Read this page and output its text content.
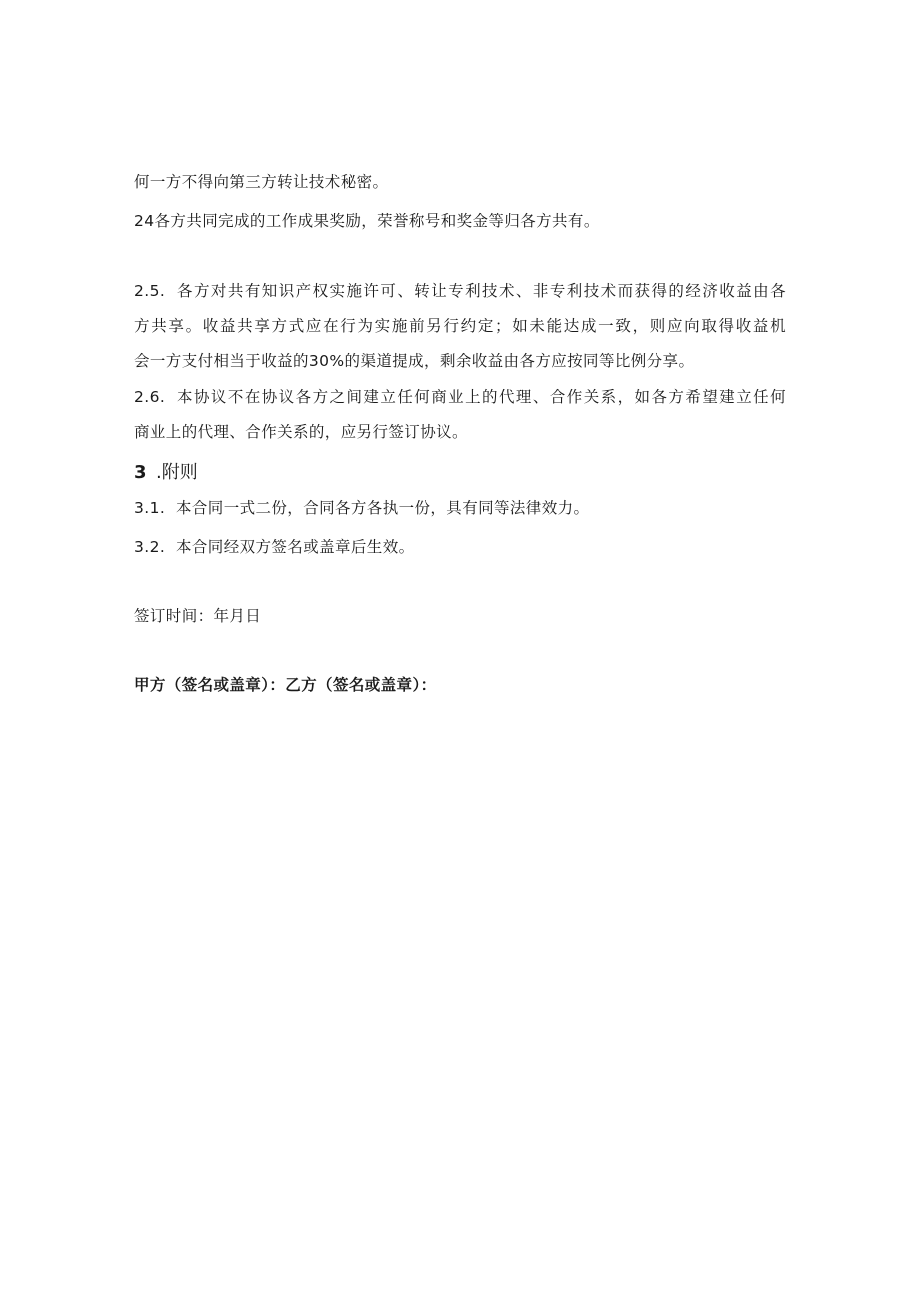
何一方不得向第三方转让技术秘密。
24各方共同完成的工作成果奖励，荣誉称号和奖金等归各方共有。
2.5. 各方对共有知识产权实施许可、转让专利技术、非专利技术而获得的经济收益由各
方共享。收益共享方式应在行为实施前另行约定；如未能达成一致，则应向取得收益机
会一方支付相当于收益的30%的渠道提成，剩余收益由各方应按同等比例分享。
2.6. 本协议不在协议各方之间建立任何商业上的代理、合作关系，如各方希望建立任何
商业上的代理、合作关系的，应另行签订协议。
3 .附则
3.1. 本合同一式二份，合同各方各执一份，具有同等法律效力。
3.2. 本合同经双方签名或盖章后生效。
签订时间：年月日
甲方（签名或盖章）：乙方（签名或盖章）：
